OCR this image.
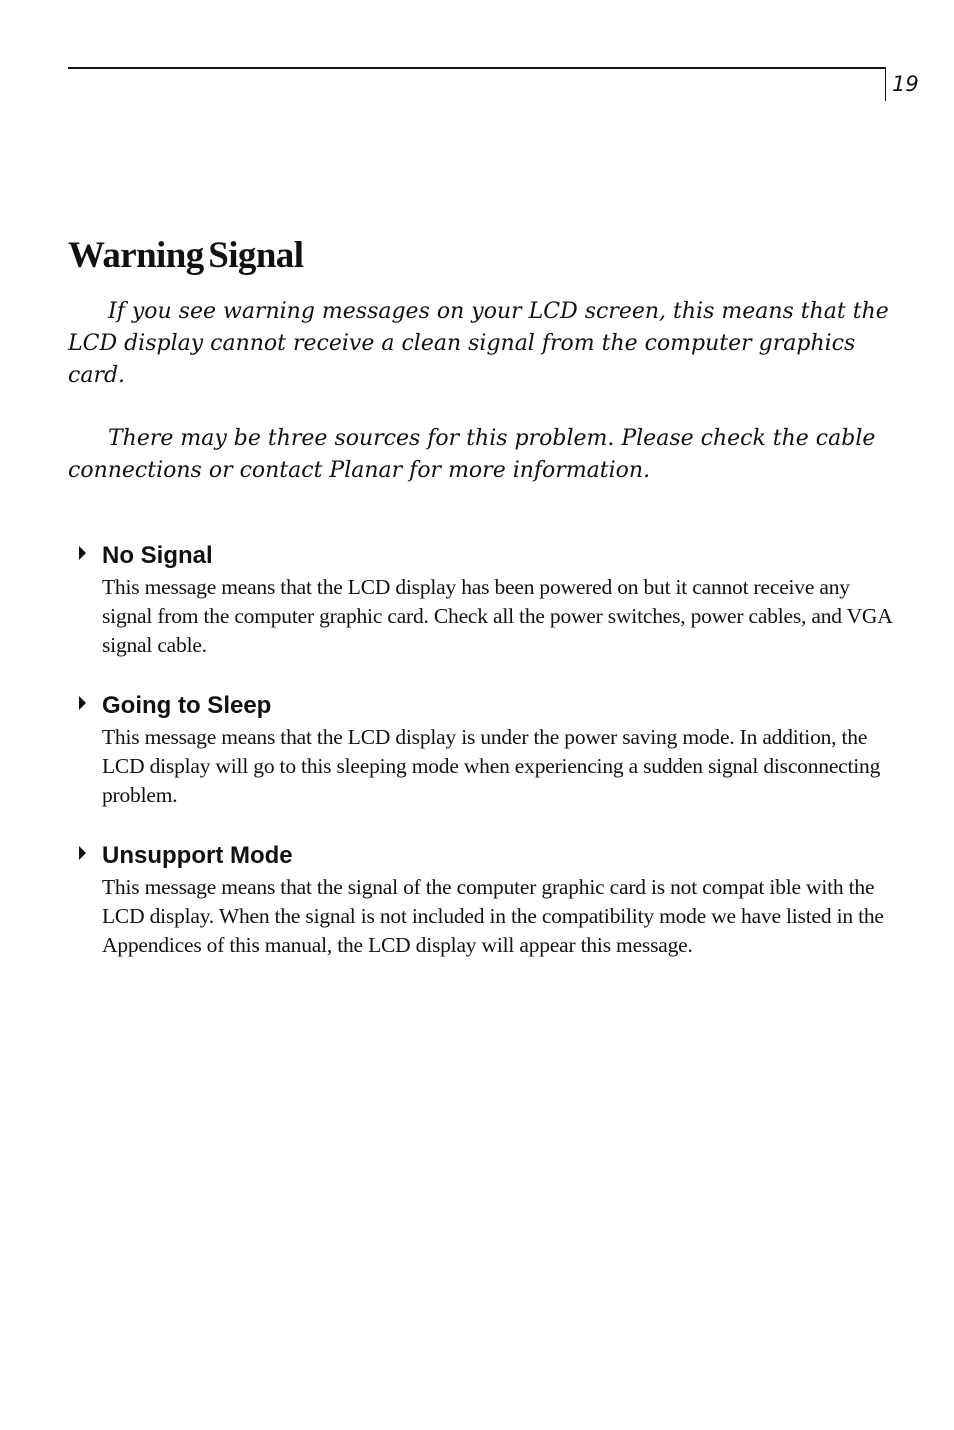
19
Warning Signal

If you see warning messages on your LCD screen, this means that the LCD display cannot receive a clean signal from the computer graphics card.

There may be three sources for this problem. Please check the cable connections or contact Planar for more information.

No Signal

This message means that the LCD display has been powered on but it cannot receive any signal from the computer graphic card. Check all the power switches, power cables, and VGA signal cable.

Going to Sleep

This message means that the LCD display is under the power saving mode. In addition, the LCD display will go to this sleeping mode when experiencing a sudden signal disconnecting problem.

Unsupport Mode

This message means that the signal of the computer graphic card is not compat ible with the LCD display. When the signal is not included in the compatibility mode we have listed in the Appendices of this manual, the LCD display will appear this message.
